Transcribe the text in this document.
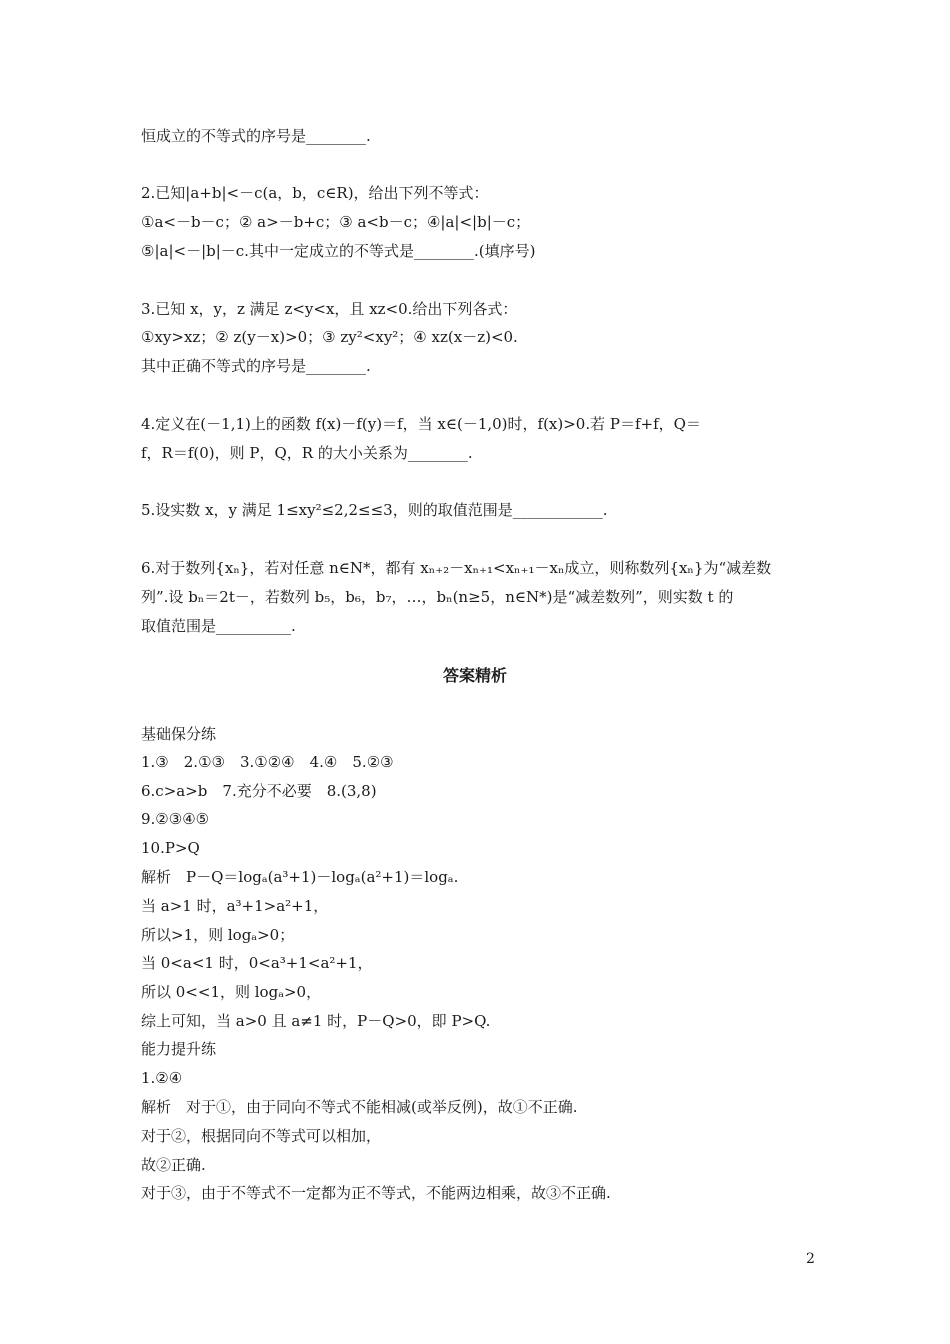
恒成立的不等式的序号是________.
2.已知|a+b|<－c(a，b，c∈R)，给出下列不等式：
①a<－b－c；② a>－b+c；③ a<b－c；④|a|<|b|－c；
⑤|a|<－|b|－c.其中一定成立的不等式是________.(填序号)
3.已知 x，y，z 满足 z<y<x，且 xz<0.给出下列各式：
①xy>xz；② z(y－x)>0；③ zy²<xy²；④ xz(x－z)<0.
其中正确不等式的序号是________.
4.定义在(－1,1)上的函数 f(x)－f(y)＝f，当 x∈(－1,0)时，f(x)>0.若 P＝f+f，Q＝
f，R＝f(0)，则 P，Q，R 的大小关系为________.
5.设实数 x，y 满足 1≤xy²≤2,2≤≤3，则的取值范围是____________.
6.对于数列{xₙ}，若对任意 n∈N*，都有 xₙ₊₂－xₙ₊₁<xₙ₊₁－xₙ成立，则称数列{xₙ}为“减差数
列”.设 bₙ＝2t－，若数列 b₅，b₆，b₇，…，bₙ(n≥5，n∈N*)是“减差数列”，则实数 t 的
取值范围是__________.
答案精析
基础保分练
1.③　2.①③　3.①②④　4.④　5.②③
6.c>a>b　7.充分不必要　8.(3,8)
9.②③④⑤
10.P>Q
解析　P－Q＝logₐ(a³+1)－logₐ(a²+1)＝logₐ.
当 a>1 时，a³+1>a²+1，
所以>1，则 logₐ>0；
当 0<a<1 时，0<a³+1<a²+1，
所以 0<<1，则 logₐ>0，
综上可知，当 a>0 且 a≠1 时，P－Q>0，即 P>Q.
能力提升练
1.②④
解析　对于①，由于同向不等式不能相减(或举反例)，故①不正确.
对于②，根据同向不等式可以相加，
故②正确.
对于③，由于不等式不一定都为正不等式，不能两边相乘，故③不正确.
2
